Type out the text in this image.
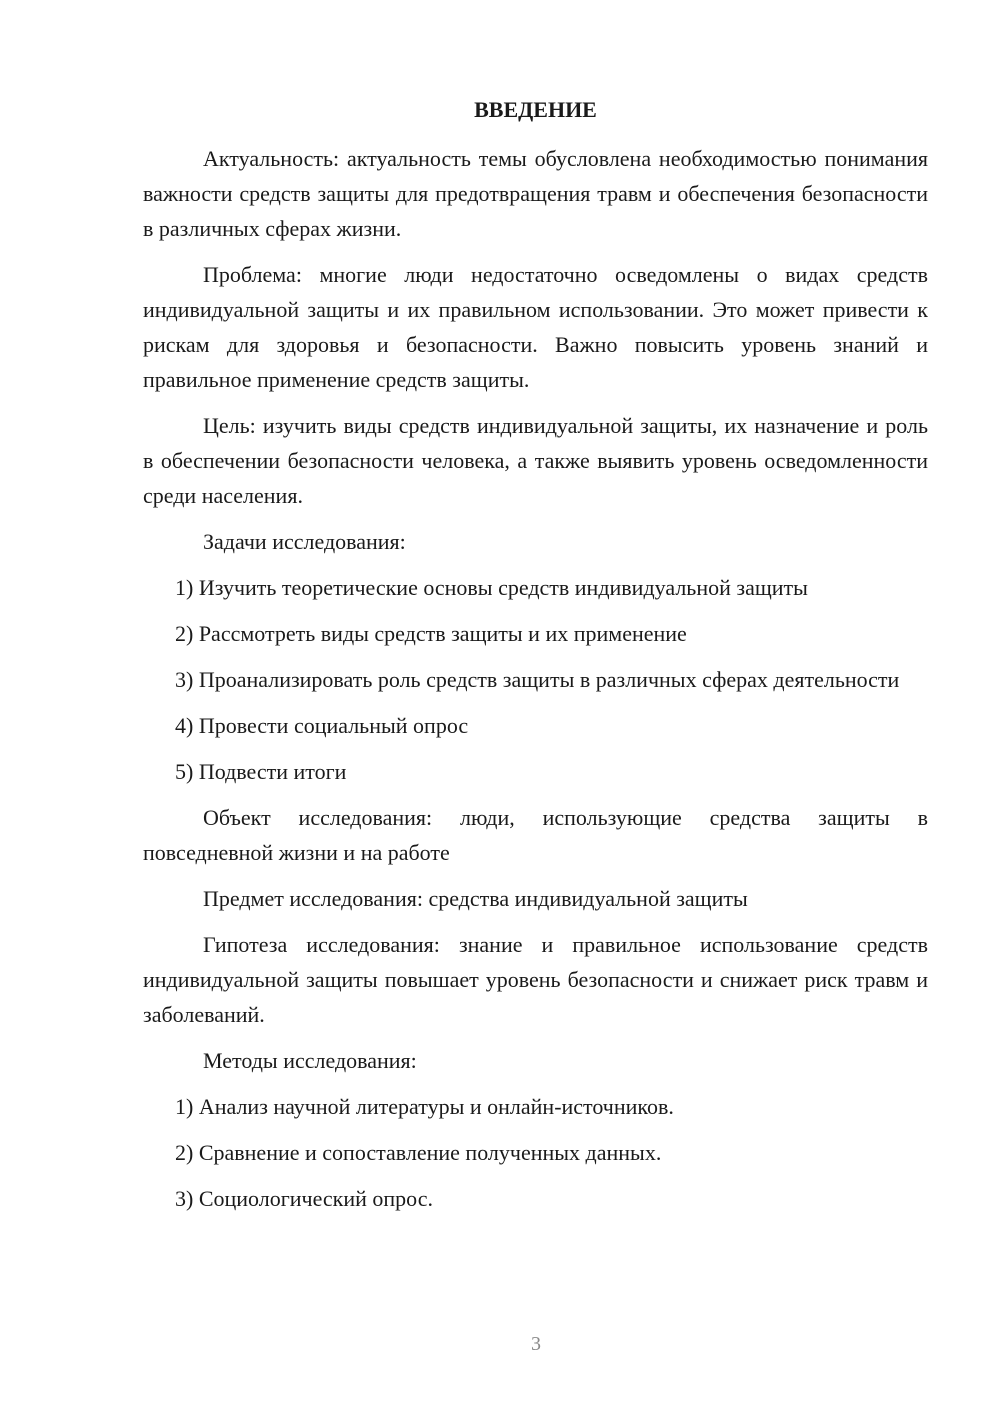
ВВЕДЕНИЕ

Актуальность: актуальность темы обусловлена необходимостью понимания важности средств защиты для предотвращения травм и обеспечения безопасности в различных сферах жизни.

Проблема: многие люди недостаточно осведомлены о видах средств индивидуальной защиты и их правильном использовании. Это может привести к рискам для здоровья и безопасности. Важно повысить уровень знаний и правильное применение средств защиты.

Цель: изучить виды средств индивидуальной защиты, их назначение и роль в обеспечении безопасности человека, а также выявить уровень осведомленности среди населения.

Задачи исследования:

1) Изучить теоретические основы средств индивидуальной защиты

2) Рассмотреть виды средств защиты и их применение

3) Проанализировать роль средств защиты в различных сферах деятельности

4) Провести социальный опрос

5) Подвести итоги

Объект исследования: люди, использующие средства защиты в повседневной жизни и на работе

Предмет исследования: средства индивидуальной защиты

Гипотеза исследования: знание и правильное использование средств индивидуальной защиты повышает уровень безопасности и снижает риск травм и заболеваний.

Методы исследования:

1) Анализ научной литературы и онлайн-источников.

2) Сравнение и сопоставление полученных данных.

3) Социологический опрос.

3
